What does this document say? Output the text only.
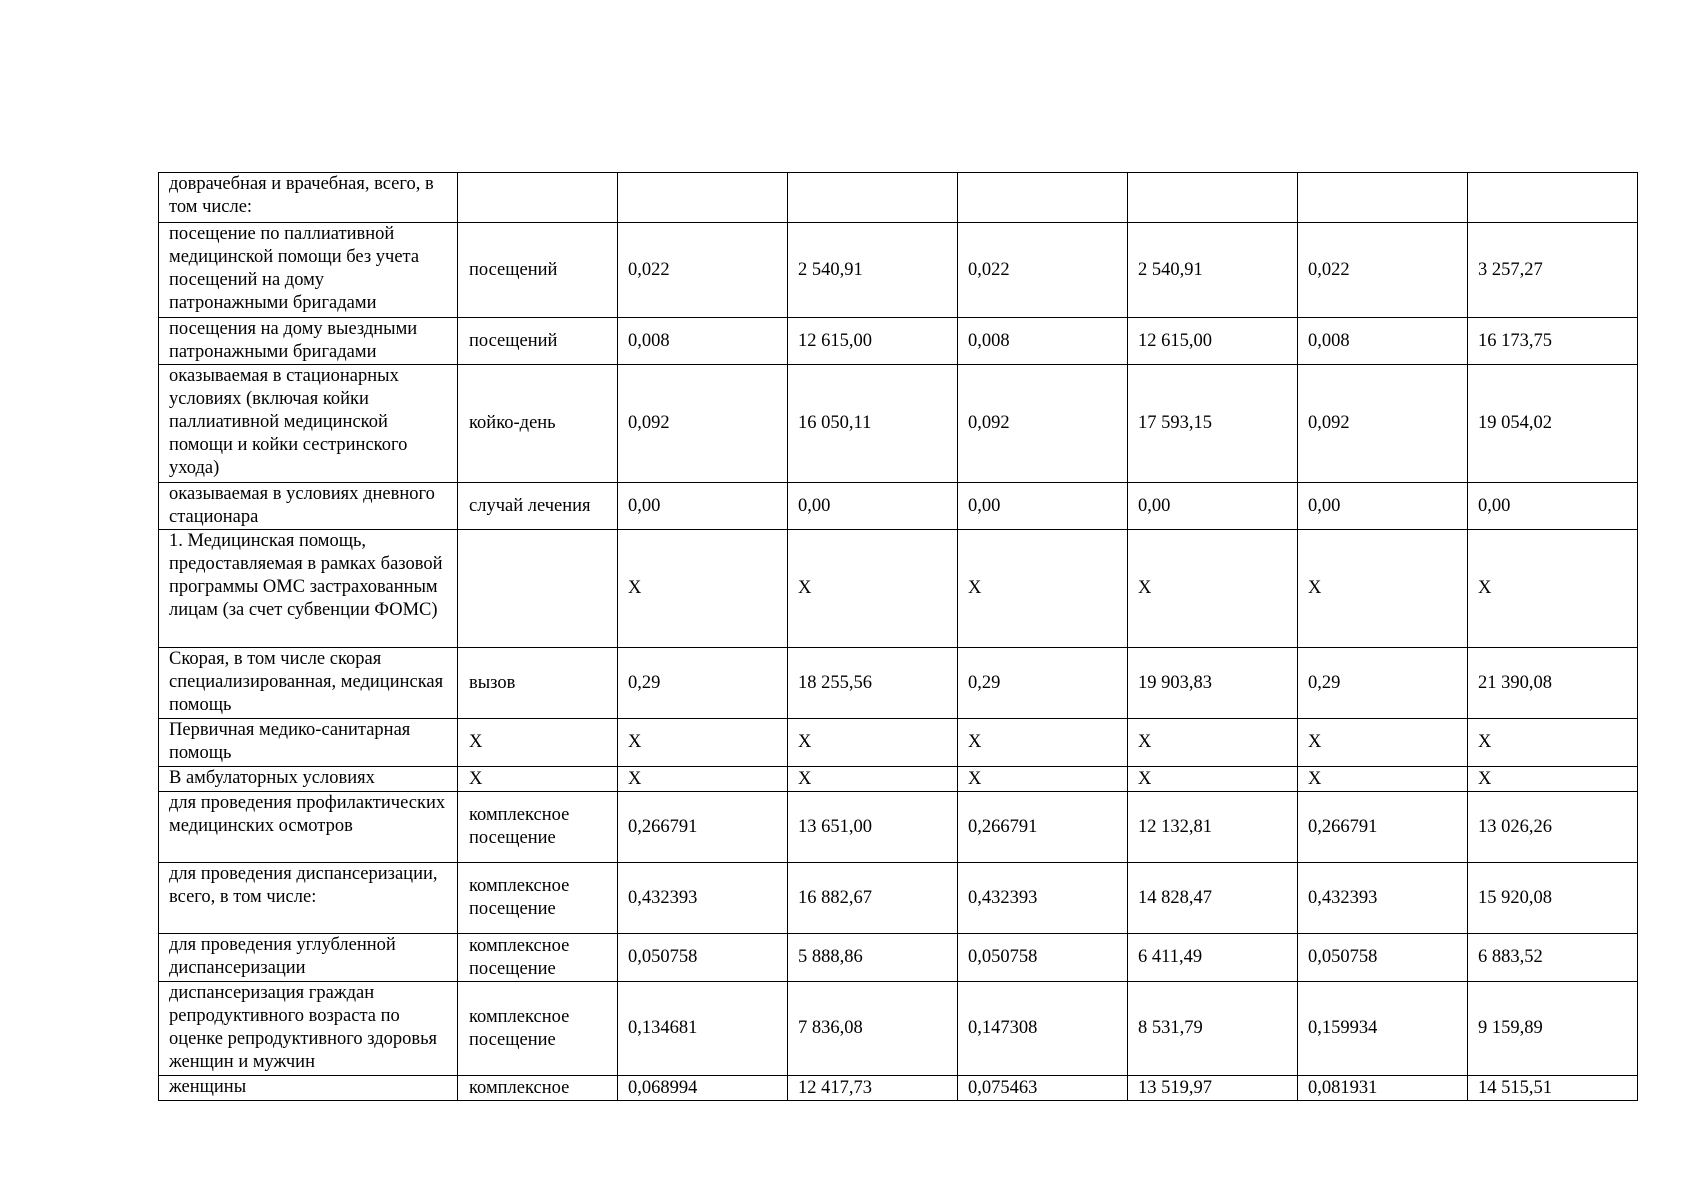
доврачебная и врачебная, всего, в том числе:							
посещение по паллиативной медицинской помощи без учета посещений на дому патронажными бригадами	посещений	0,022	2 540,91	0,022	2 540,91	0,022	3 257,27
посещения на дому выездными патронажными бригадами	посещений	0,008	12 615,00	0,008	12 615,00	0,008	16 173,75
оказываемая в стационарных условиях (включая койки паллиативной медицинской помощи и койки сестринского ухода)	койко-день	0,092	16 050,11	0,092	17 593,15	0,092	19 054,02
оказываемая в условиях дневного стационара	случай лечения	0,00	0,00	0,00	0,00	0,00	0,00
1. Медицинская помощь, предоставляемая в рамках базовой программы ОМС застрахованным лицам (за счет субвенции ФОМС)		X	X	X	X	X	X
Скорая, в том числе скорая специализированная, медицинская помощь	вызов	0,29	18 255,56	0,29	19 903,83	0,29	21 390,08
Первичная медико-санитарная помощь	X	X	X	X	X	X	X
В амбулаторных условиях	X	X	X	X	X	X	X
для проведения профилактических медицинских осмотров	комплексное посещение	0,266791	13 651,00	0,266791	12 132,81	0,266791	13 026,26
для проведения диспансеризации, всего, в том числе:	комплексное посещение	0,432393	16 882,67	0,432393	14 828,47	0,432393	15 920,08
для проведения углубленной диспансеризации	комплексное посещение	0,050758	5 888,86	0,050758	6 411,49	0,050758	6 883,52
диспансеризация граждан репродуктивного возраста по оценке репродуктивного здоровья женщин и мужчин	комплексное посещение	0,134681	7 836,08	0,147308	8 531,79	0,159934	9 159,89
женщины	комплексное	0,068994	12 417,73	0,075463	13 519,97	0,081931	14 515,51
